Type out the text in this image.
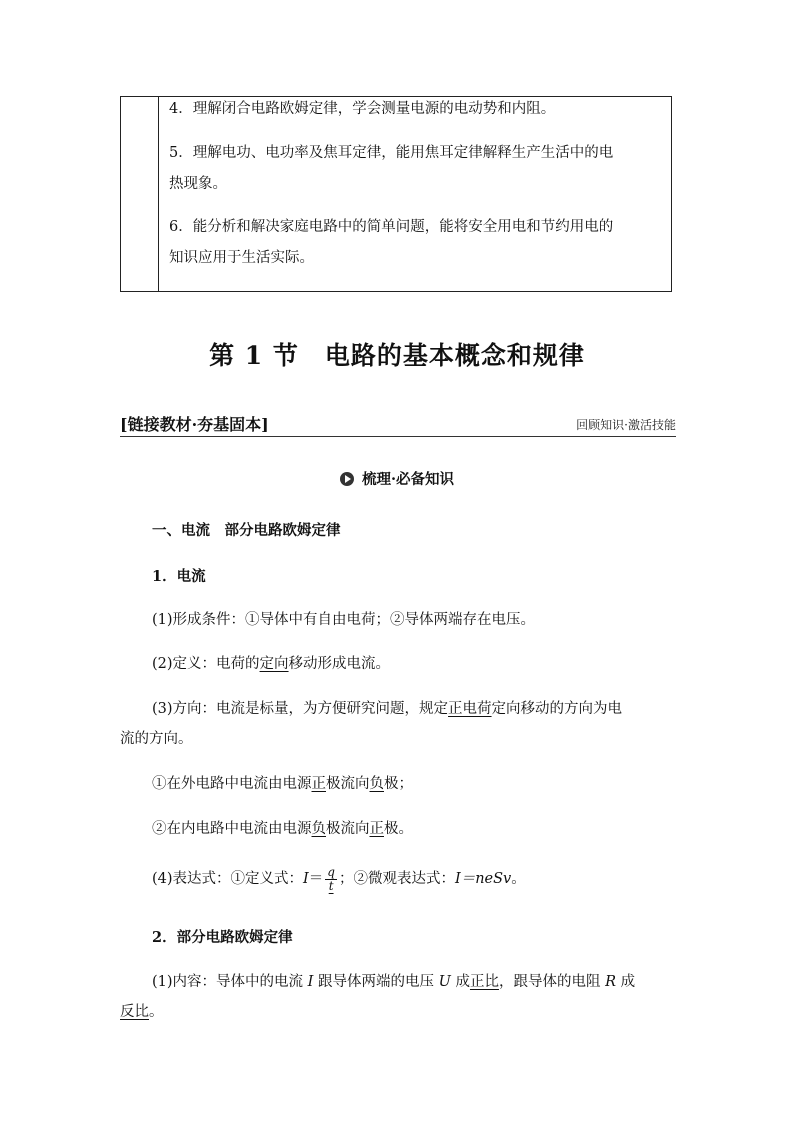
4．理解闭合电路欧姆定律，学会测量电源的电动势和内阻。
5．理解电功、电功率及焦耳定律，能用焦耳定律解释生产生活中的电
热现象。
6．能分析和解决家庭电路中的简单问题，能将安全用电和节约用电的
知识应用于生活实际。
第 1 节　电路的基本概念和规律
[链接教材·夯基固本]	回顾知识·激活技能
梳理·必备知识
一、电流　部分电路欧姆定律
1．电流
(1)形成条件：①导体中有自由电荷；②导体两端存在电压。
(2)定义：电荷的定向移动形成电流。
(3)方向：电流是标量，为方便研究问题，规定正电荷定向移动的方向为电
流的方向。
①在外电路中电流由电源正极流向负极；
②在内电路中电流由电源负极流向正极。
(4)表达式：①定义式：$I= \frac{q}{t}$ ；②微观表达式：I＝neSv。
2．部分电路欧姆定律
(1)内容：导体中的电流 I 跟导体两端的电压 U 成正比，跟导体的电阻 R 成
反比。
